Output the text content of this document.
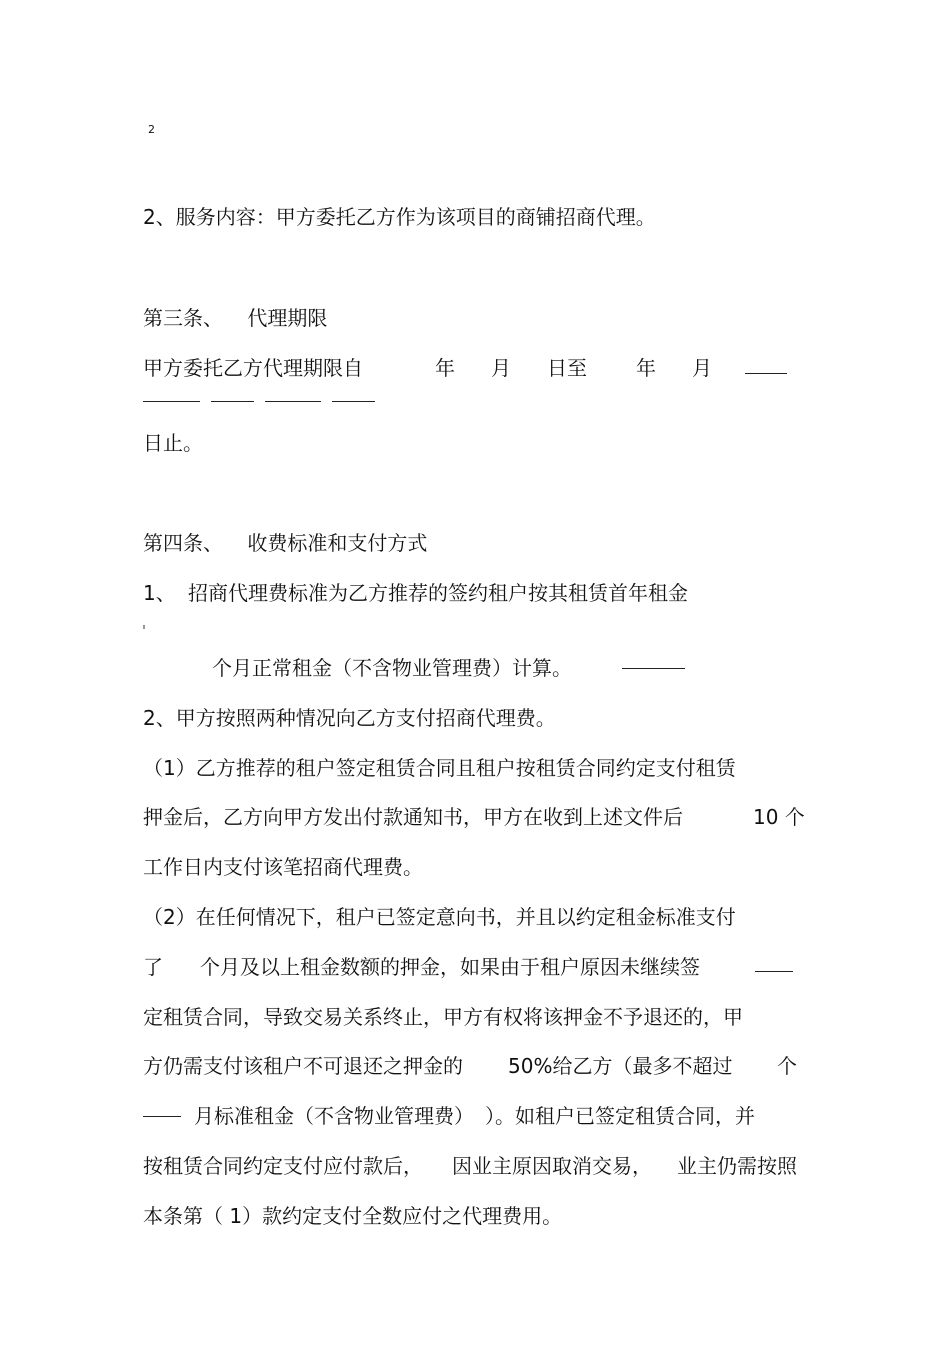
2
2、服务内容：甲方委托乙方作为该项目的商铺招商代理。
第三条、 代理期限
甲方委托乙方代理期限自	年 月 日至 年 月
日止。
第四条、 收费标准和支付方式
1、 招商代理费标准为乙方推荐的签约租户按其租赁首年租金
个月正常租金（不含物业管理费）计算。
2、甲方按照两种情况向乙方支付招商代理费。
（1）乙方推荐的租户签定租赁合同且租户按租赁合同约定支付租赁
押金后，乙方向甲方发出付款通知书，甲方在收到上述文件后	10 个
工作日内支付该笔招商代理费。
（2）在任何情况下，租户已签定意向书，并且以约定租金标准支付
了 个月及以上租金数额的押金，如果由于租户原因未继续签
定租赁合同，导致交易关系终止，甲方有权将该押金不予退还的，甲
方仍需支付该租户不可退还之押金的 50%给乙方（最多不超过 个
月标准租金（不含物业管理费） ）。如租户已签定租赁合同，并
按租赁合同约定支付应付款后， 因业主原因取消交易， 业主仍需按照
本条第（ 1）款约定支付全数应付之代理费用。
